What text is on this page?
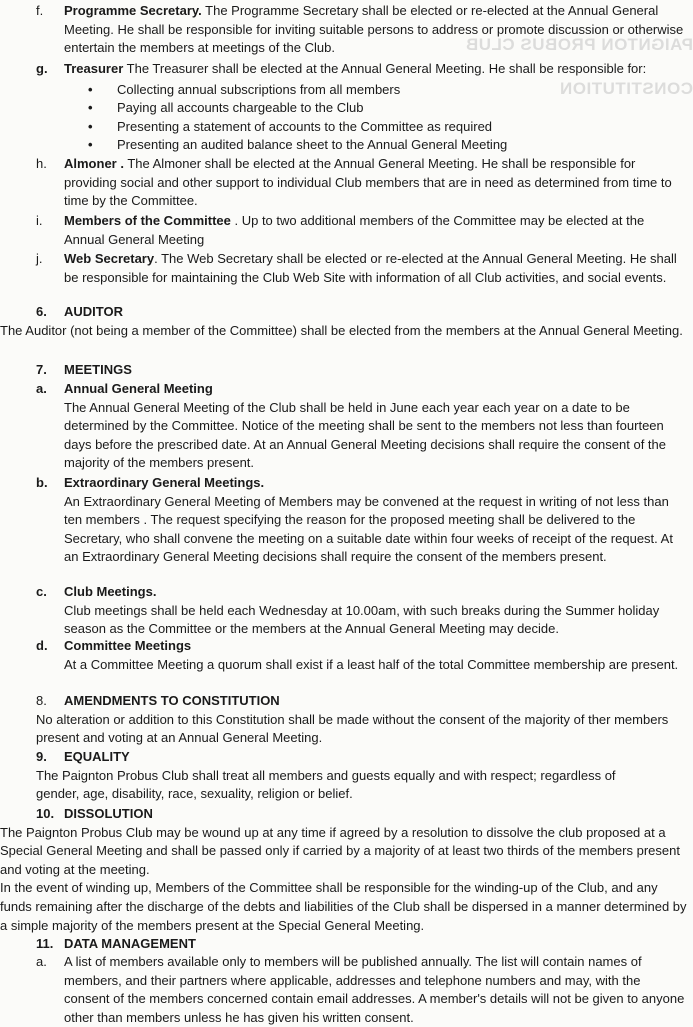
PAIGNTON PROBUS CLUB
CONSTITUTION
f. Programme Secretary. The Programme Secretary shall be elected or re-elected at the Annual General Meeting. He shall be responsible for inviting suitable persons to address or promote discussion or otherwise entertain the members at meetings of the Club.
g. Treasurer The Treasurer shall be elected at the Annual General Meeting. He shall be responsible for:
• Collecting annual subscriptions from all members
• Paying all accounts chargeable to the Club
• Presenting a statement of accounts to the Committee as required
• Presenting an audited balance sheet to the Annual General Meeting
h. Almoner . The Almoner shall be elected at the Annual General Meeting. He shall be responsible for providing social and other support to individual Club members that are in need as determined from time to time by the Committee.
i. Members of the Committee . Up to two additional members of the Committee may be elected at the Annual General Meeting
j. Web Secretary. The Web Secretary shall be elected or re-elected at the Annual General Meeting. He shall be responsible for maintaining the Club Web Site with information of all Club activities, and social events.
6. AUDITOR
The Auditor (not being a member of the Committee) shall be elected from the members at the Annual General Meeting.
7. MEETINGS
a. Annual General Meeting
The Annual General Meeting of the Club shall be held in June each year each year on a date to be determined by the Committee. Notice of the meeting shall be sent to the members not less than fourteen days before the prescribed date. At an Annual General Meeting decisions shall require the consent of the majority of the members present.
b. Extraordinary General Meetings.
An Extraordinary General Meeting of Members may be convened at the request in writing of not less than ten members . The request specifying the reason for the proposed meeting shall be delivered to the Secretary, who shall convene the meeting on a suitable date within four weeks of receipt of the request. At an Extraordinary General Meeting decisions shall require the consent of the members present.
c. Club Meetings.
Club meetings shall be held each Wednesday at 10.00am, with such breaks during the Summer holiday season as the Committee or the members at the Annual General Meeting may decide.
d. Committee Meetings
At a Committee Meeting a quorum shall exist if a least half of the total Committee membership are present.
8. AMENDMENTS TO CONSTITUTION
No alteration or addition to this Constitution shall be made without the consent of the majority of ther members present and voting at an Annual General Meeting.
9. EQUALITY
The Paignton Probus Club shall treat all members and guests equally and with respect; regardless of gender, age, disability, race, sexuality, religion or belief.
10. DISSOLUTION
The Paignton Probus Club may be wound up at any time if agreed by a resolution to dissolve the club proposed at a Special General Meeting and shall be passed only if carried by a majority of at least two thirds of the members present and voting at the meeting.
In the event of winding up, Members of the Committee shall be responsible for the winding-up of the Club, and any funds remaining after the discharge of the debts and liabilities of the Club shall be dispersed in a manner determined by a simple majority of the members present at the Special General Meeting.
11. DATA MANAGEMENT
a. A list of members available only to members will be published annually. The list will contain names of members, and their partners where applicable, addresses and telephone numbers and may, with the consent of the members concerned contain email addresses. A member's details will not be given to anyone other than members unless he has given his written consent.
